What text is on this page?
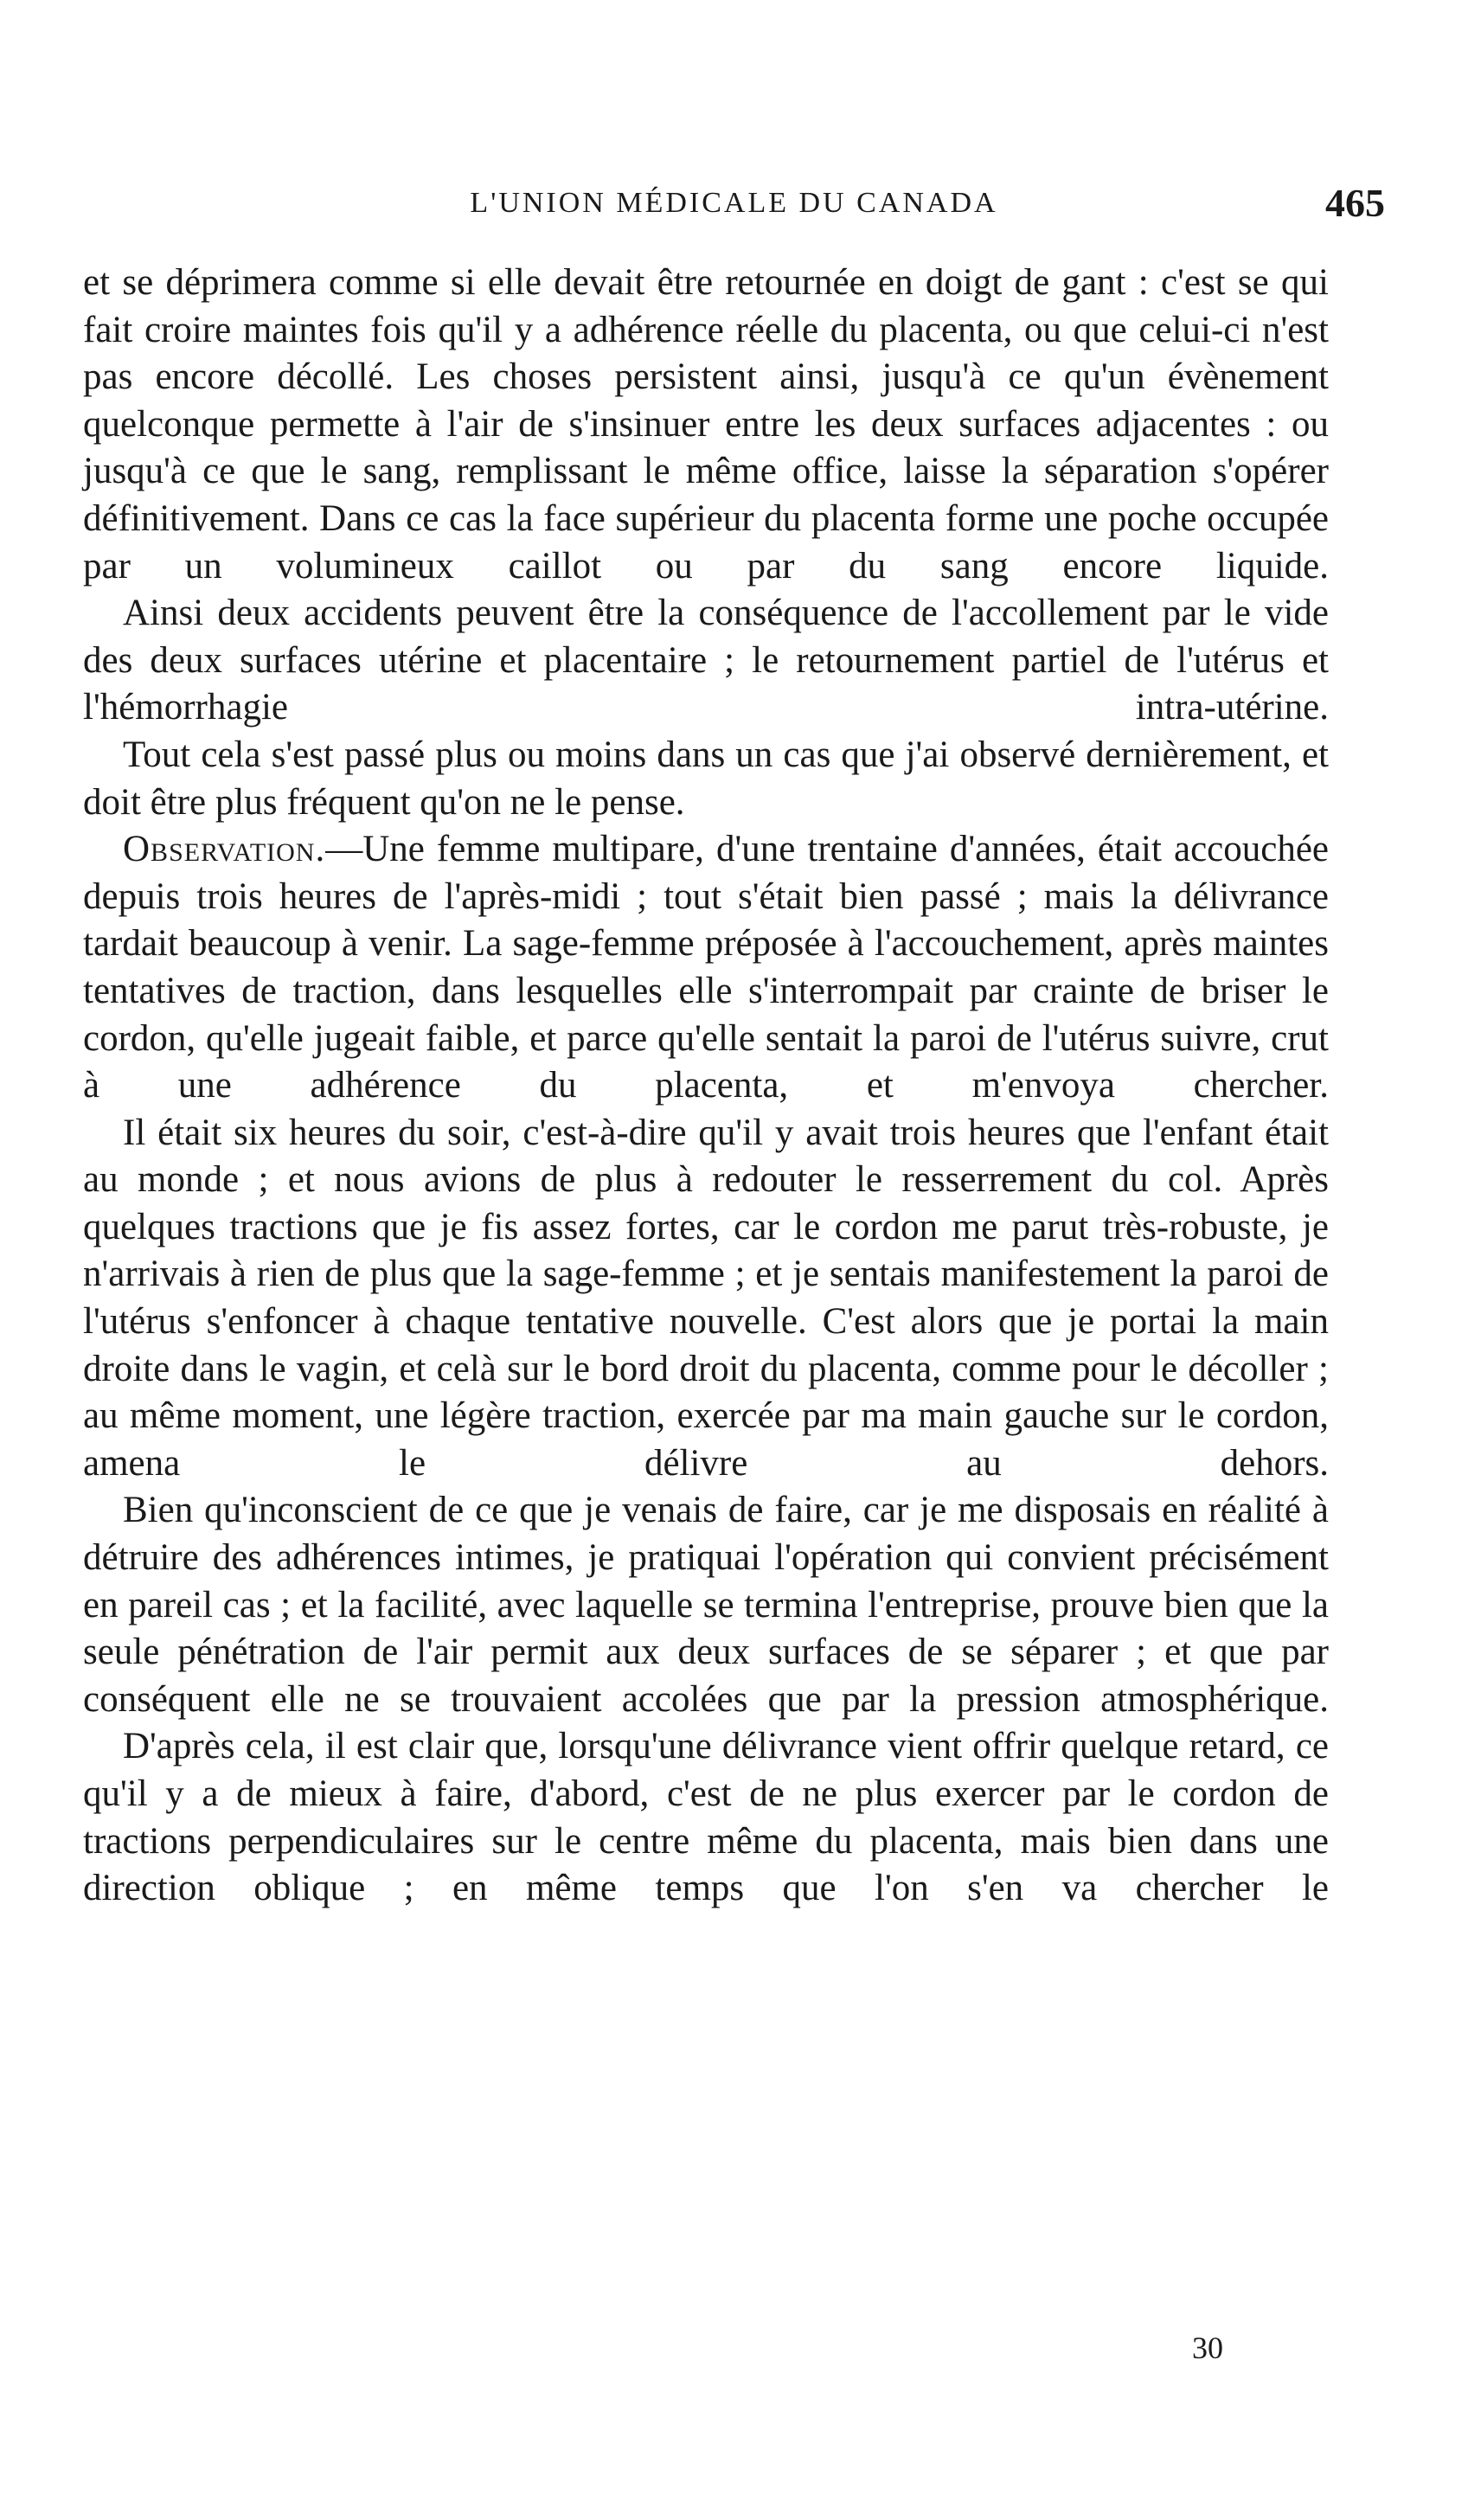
L'UNION MÉDICALE DU CANADA	465

et se déprimera comme si elle devait être retournée en doigt de gant : c'est se qui fait croire maintes fois qu'il y a adhérence réelle du placenta, ou que celui-ci n'est pas encore décollé. Les choses persistent ainsi, jusqu'à ce qu'un évènement quelconque permette à l'air de s'insinuer entre les deux surfaces adjacentes : ou jusqu'à ce que le sang, remplissant le même office, laisse la séparation s'opérer définitivement. Dans ce cas la face supérieur du placenta forme une poche occupée par un volumineux caillot ou par du sang encore liquide.

Ainsi deux accidents peuvent être la conséquence de l'accollement par le vide des deux surfaces utérine et placentaire ; le retournement partiel de l'utérus et l'hémorrhagie intra-utérine.

Tout cela s'est passé plus ou moins dans un cas que j'ai observé dernièrement, et doit être plus fréquent qu'on ne le pense.

Observation.—Une femme multipare, d'une trentaine d'années, était accouchée depuis trois heures de l'après-midi ; tout s'était bien passé ; mais la délivrance tardait beaucoup à venir. La sage-femme préposée à l'accouchement, après maintes tentatives de traction, dans lesquelles elle s'interrompait par crainte de briser le cordon, qu'elle jugeait faible, et parce qu'elle sentait la paroi de l'utérus suivre, crut à une adhérence du placenta, et m'envoya chercher.

Il était six heures du soir, c'est-à-dire qu'il y avait trois heures que l'enfant était au monde ; et nous avions de plus à redouter le resserrement du col. Après quelques tractions que je fis assez fortes, car le cordon me parut très-robuste, je n'arrivais à rien de plus que la sage-femme ; et je sentais manifestement la paroi de l'utérus s'enfoncer à chaque tentative nouvelle. C'est alors que je portai la main droite dans le vagin, et celà sur le bord droit du placenta, comme pour le décoller ; au même moment, une légère traction, exercée par ma main gauche sur le cordon, amena le délivre au dehors.

Bien qu'inconscient de ce que je venais de faire, car je me disposais en réalité à détruire des adhérences intimes, je pratiquai l'opération qui convient précisément en pareil cas ; et la facilité, avec laquelle se termina l'entreprise, prouve bien que la seule pénétration de l'air permit aux deux surfaces de se séparer ; et que par conséquent elle ne se trouvaient accolées que par la pression atmosphérique.

D'après cela, il est clair que, lorsqu'une délivrance vient offrir quelque retard, ce qu'il y a de mieux à faire, d'abord, c'est de ne plus exercer par le cordon de tractions perpendiculaires sur le centre même du placenta, mais bien dans une direction oblique ; en même temps que l'on s'en va chercher le

30
